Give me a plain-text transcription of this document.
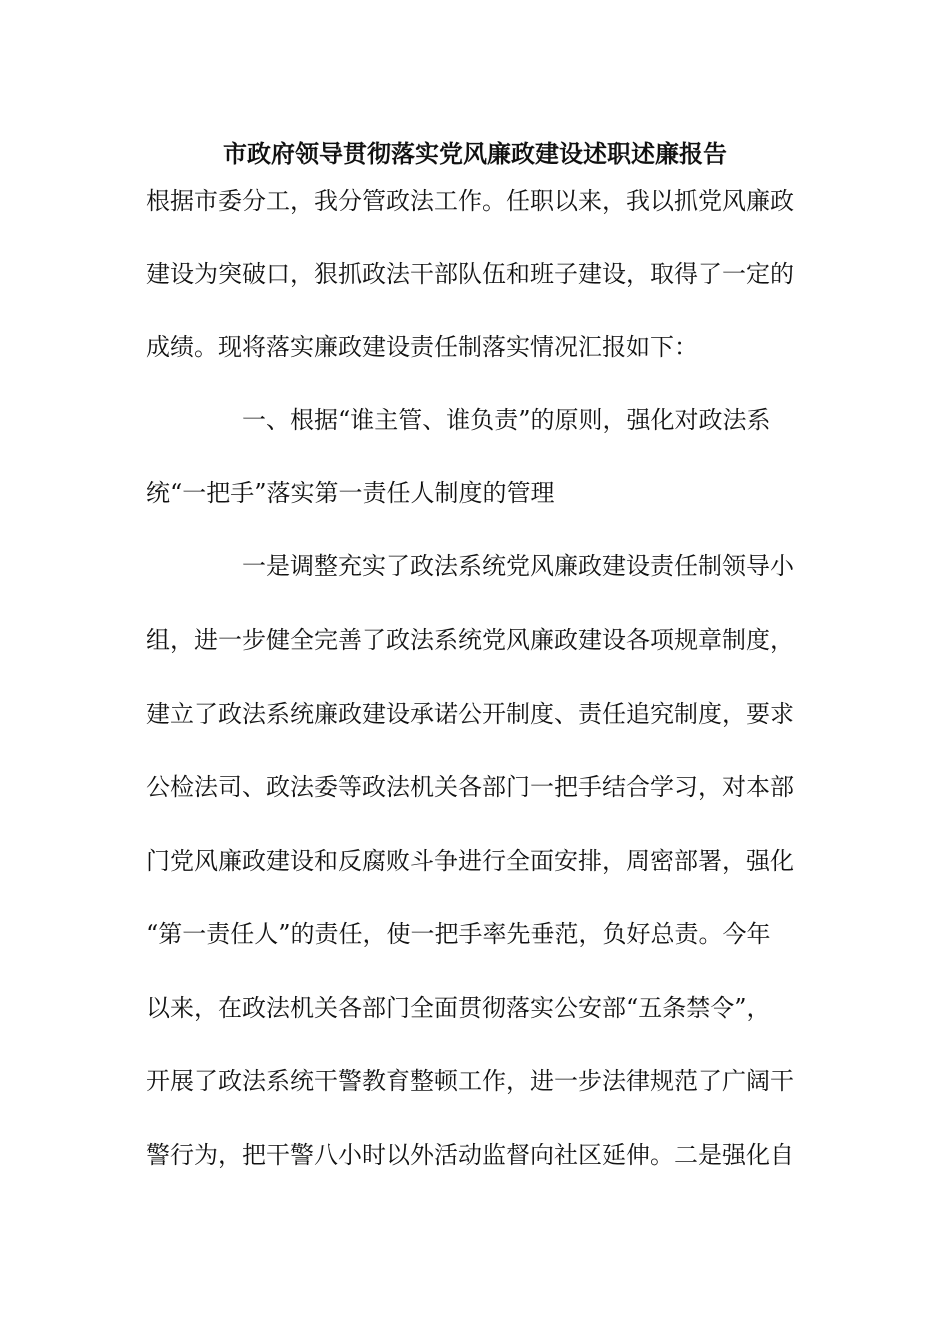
市政府领导贯彻落实党风廉政建设述职述廉报告
根据市委分工，我分管政法工作。任职以来，我以抓党风廉政
建设为突破口，狠抓政法干部队伍和班子建设，取得了一定的
成绩。现将落实廉政建设责任制落实情况汇报如下：
　　　　一、根据“谁主管、谁负责”的原则，强化对政法系
统“一把手”落实第一责任人制度的管理
　　　　一是调整充实了政法系统党风廉政建设责任制领导小
组，进一步健全完善了政法系统党风廉政建设各项规章制度，
建立了政法系统廉政建设承诺公开制度、责任追究制度，要求
公检法司、政法委等政法机关各部门一把手结合学习，对本部
门党风廉政建设和反腐败斗争进行全面安排，周密部署，强化
“第一责任人”的责任，使一把手率先垂范，负好总责。今年
以来，在政法机关各部门全面贯彻落实公安部“五条禁令”，
开展了政法系统干警教育整顿工作，进一步法律规范了广阔干
警行为，把干警八小时以外活动监督向社区延伸。二是强化自
